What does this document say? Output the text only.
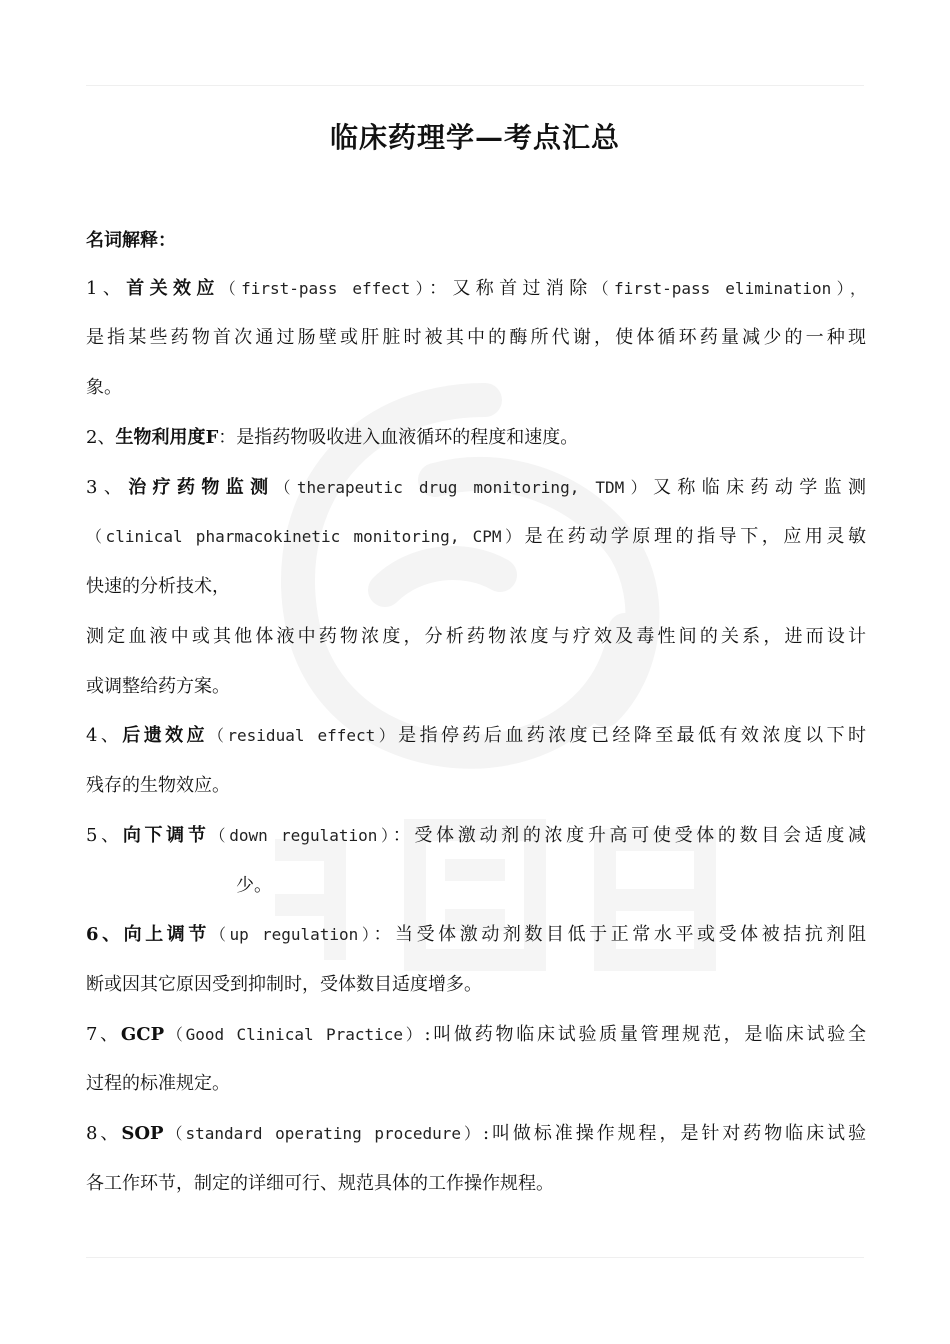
临床药理学—考点汇总
名词解释：
1、首关效应（first-pass effect）：又称首过消除（first-pass elimination），
是指某些药物首次通过肠壁或肝脏时被其中的酶所代谢，使体循环药量减少的一种现
象。
2、生物利用度F：是指药物吸收进入血液循环的程度和速度。
3、治疗药物监测（therapeutic drug monitoring, TDM）又称临床药动学监测
（clinical pharmacokinetic monitoring, CPM）是在药动学原理的指导下，应用灵敏
快速的分析技术，
测定血液中或其他体液中药物浓度，分析药物浓度与疗效及毒性间的关系，进而设计
或调整给药方案。
4、后遗效应（residual effect）是指停药后血药浓度已经降至最低有效浓度以下时
残存的生物效应。
5、向下调节（down regulation）：受体激动剂的浓度升高可使受体的数目会适度减
少。
6、向上调节（up regulation）：当受体激动剂数目低于正常水平或受体被拮抗剂阻
断或因其它原因受到抑制时，受体数目适度增多。
7、GCP（Good Clinical Practice）:叫做药物临床试验质量管理规范，是临床试验全
过程的标准规定。
8、SOP（standard operating procedure）:叫做标准操作规程，是针对药物临床试验
各工作环节，制定的详细可行、规范具体的工作操作规程。
